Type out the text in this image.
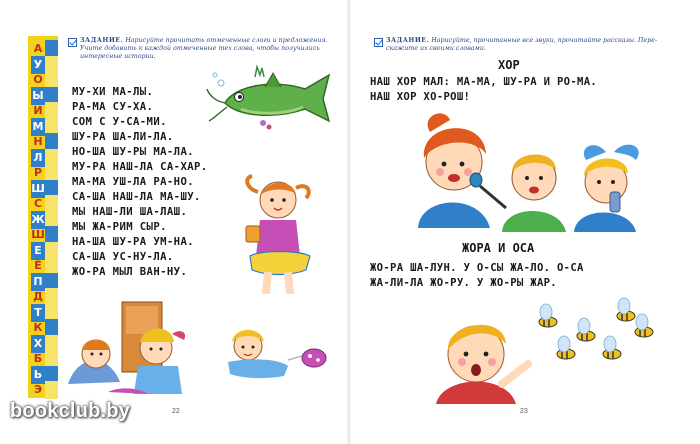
А
У
О
Ы
И
М
Н
Л
Р
Ш
С
Ж
Ш
Е
Ё
П
Д
Т
К
Х
Б
Ь
Э
ЗАДАНИЕ. Нарисуйте прочитать отмеченные слоги и предложения.
Учите добавить к каждой отмеченные тех слова, чтобы получились
интересные истории.
МУ-ХИ МА-ЛЫ.
РА-МА СУ-ХА.
СОМ С У-СА-МИ.
ШУ-РА ША-ЛИ-ЛА.
НО-ША ШУ-РЫ МА-ЛА.
МУ-РА НАШ-ЛА СА-ХАР.
МА-МА УШ-ЛА РА-НО.
СА-ША НАШ-ЛА МА-ШУ.
МЫ НАШ-ЛИ ША-ЛАШ.
МЫ ЖА-РИМ СЫР.
НА-ША ШУ-РА УМ-НА.
СА-ША УС-НУ-ЛА.
ЖО-РА МЫЛ ВАН-НУ.
22
ЗАДАНИЕ. Нарисуйте, прочитанные все звуки, прочитайте рассказы. Пере-
скажите их своими словами.
ХОР
НАШ ХОР МАЛ: МА-МА, ШУ-РА И РО-МА.
НАШ ХОР ХО-РОШ!
ЖОРА И ОСА
ЖО-РА ША-ЛУН. У О-СЫ ЖА-ЛО. О-СА
ЖА-ЛИ-ЛА ЖО-РУ. У ЖО-РЫ ЖАР.
23
bookclub.by
